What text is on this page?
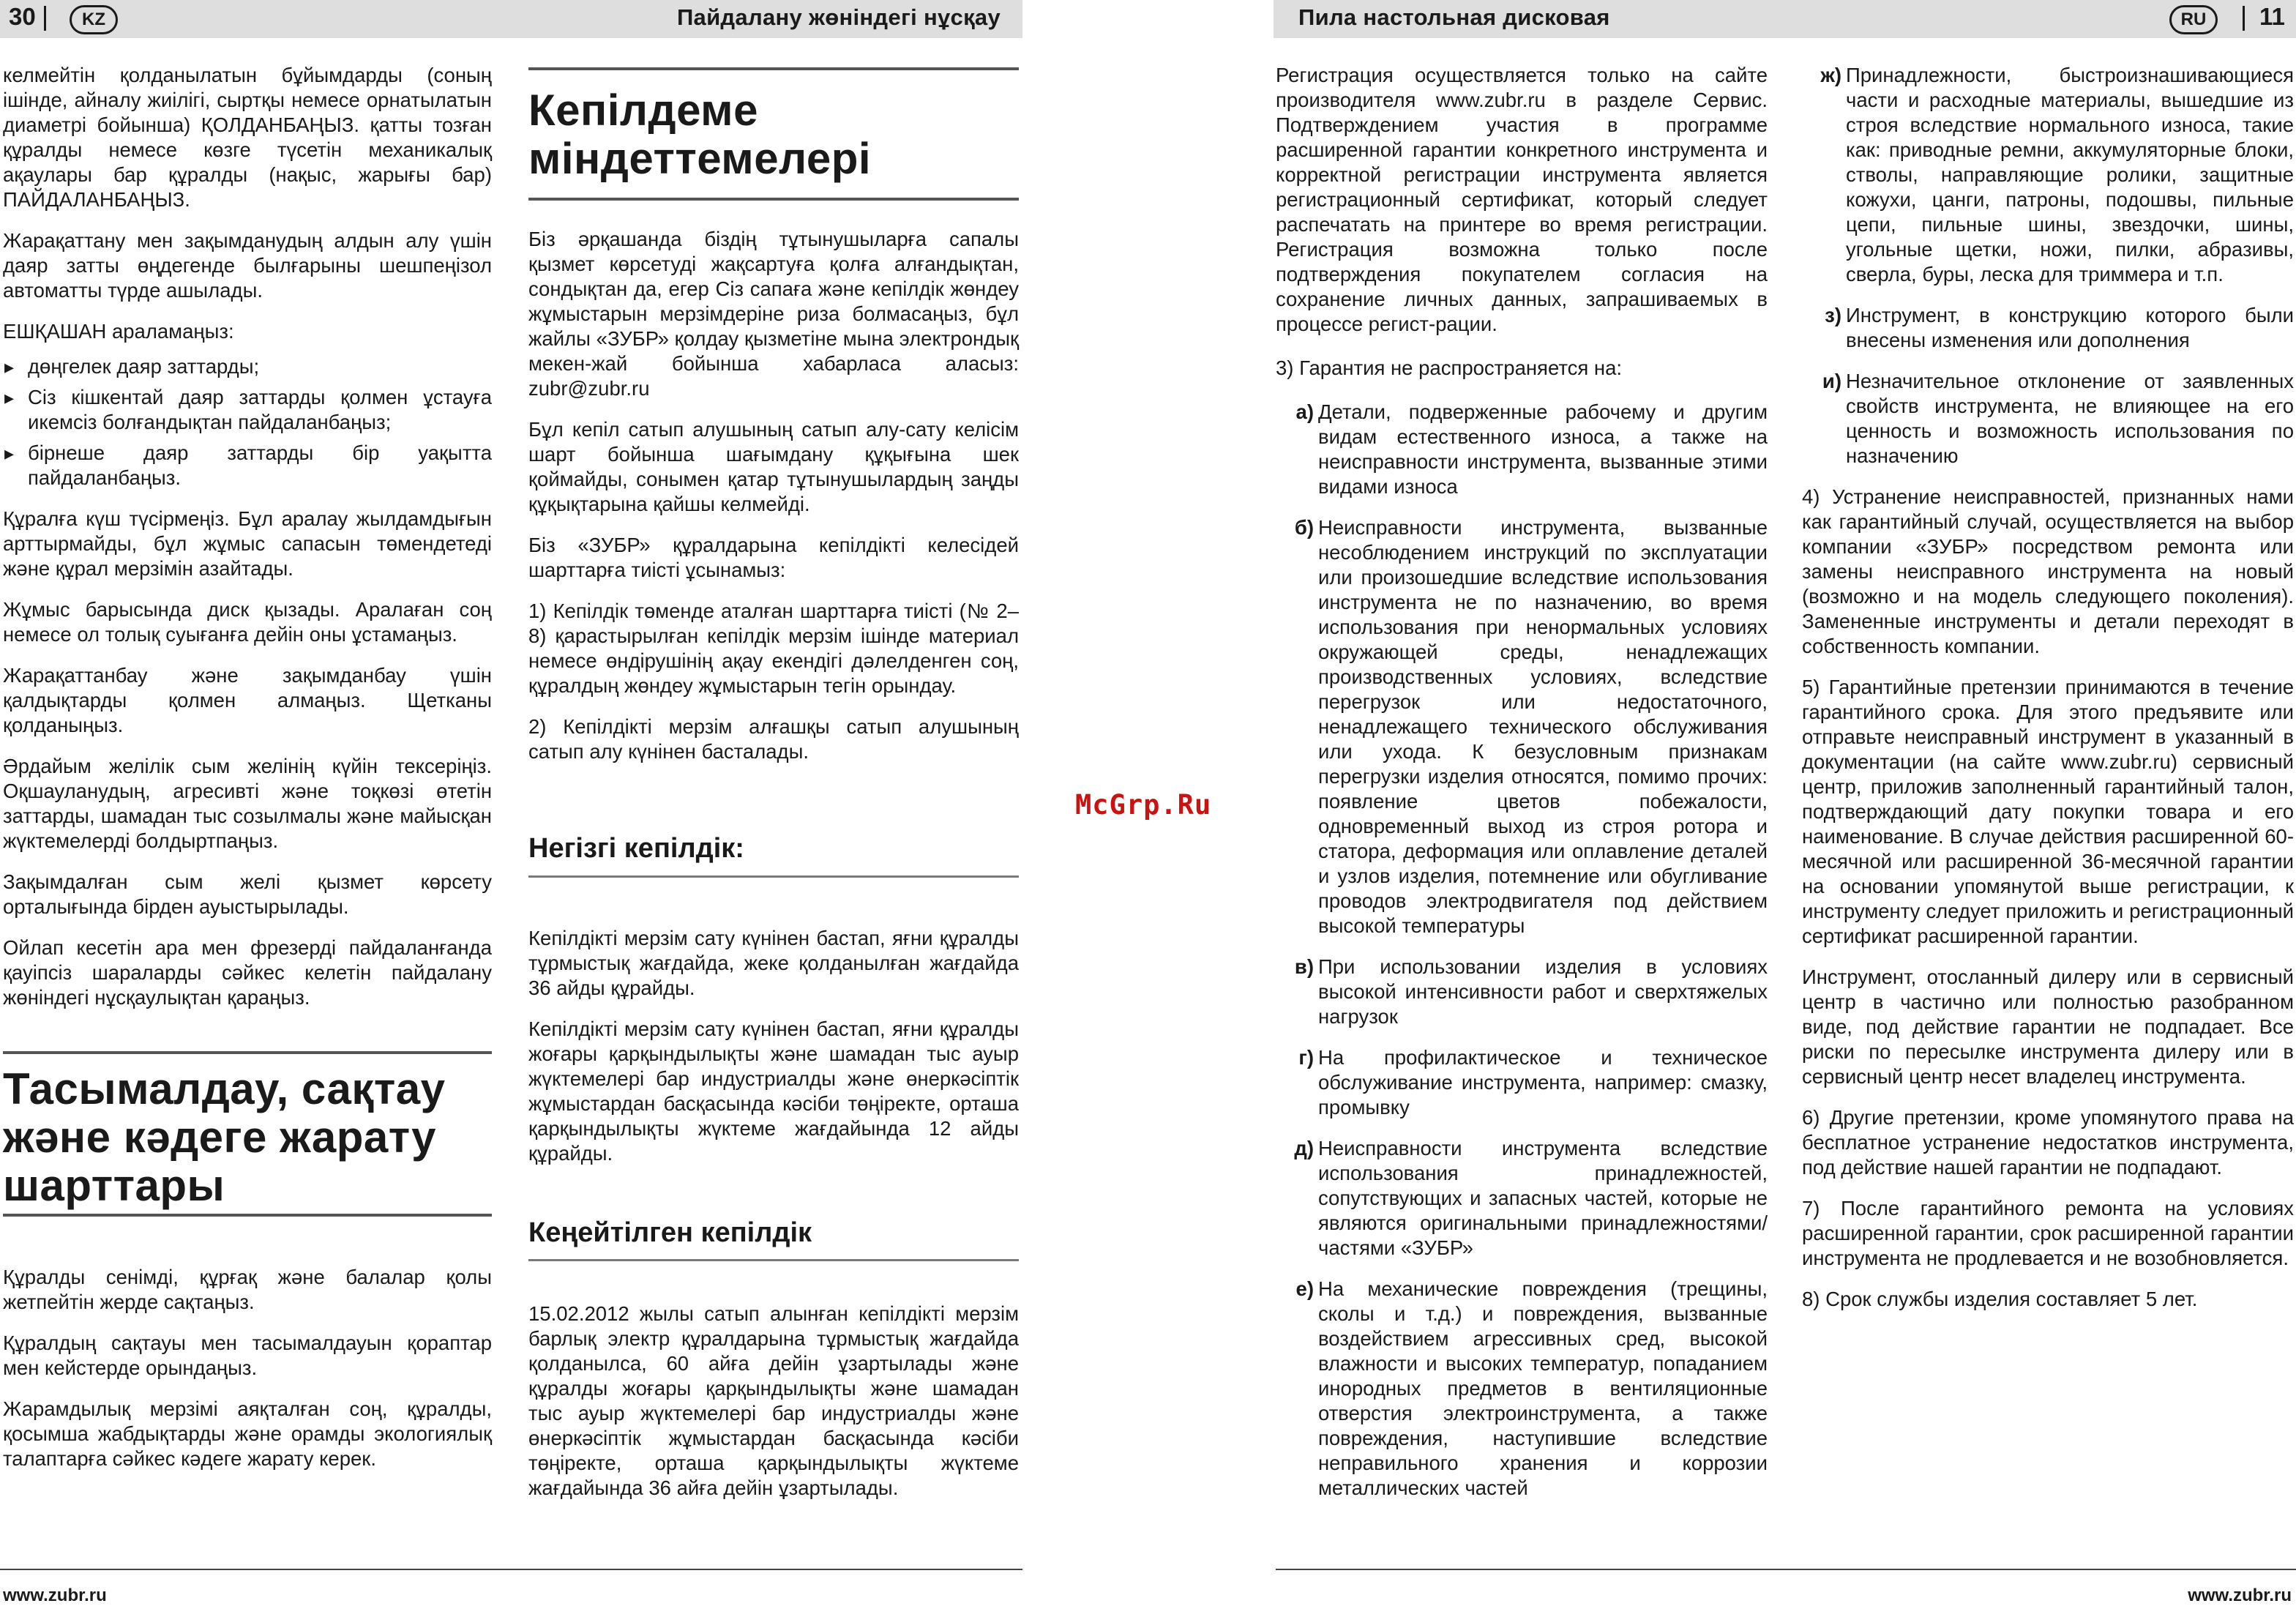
30	KZ	Пайдалану жөніндегі нұсқау

келмейтін қолданылатын бұйымдарды (соның ішінде, айналу жиілігі, сыртқы немесе орнатылатын диаметрі бойынша) ҚОЛДАНБАҢЫЗ. қатты тозған құралды немесе көзге түсетін механикалық ақаулары бар құралды (нақыс, жарығы бар) ПАЙДАЛАНБАҢЫЗ.

Жарақаттану мен зақымданудың алдын алу үшін даяр затты өңдегенде былғарыны шешпеңізол автоматты түрде ашылады.

ЕШҚАШАН араламаңыз:

▸ дөңгелек даяр заттарды;
▸ Сіз кішкентай даяр заттарды қолмен ұстауға икемсіз болғандықтан пайдаланбаңыз;
▸ бірнеше даяр заттарды бір уақытта пайдаланбаңыз.

Құралға күш түсірмеңіз. Бұл аралау жылдамдығын арттырмайды, бұл жұмыс сапасын төмендетеді және құрал мерзімін азайтады.

Жұмыс барысында диск қызады. Аралаған соң немесе ол толық суығанға дейін оны ұстамаңыз.

Жарақаттанбау және зақымданбау үшін қалдықтарды қолмен алмаңыз. Щетканы қолданыңыз.

Әрдайым желілік сым желінің күйін тексеріңіз. Оқшауланудың, агресивті және тоқкөзі өтетін заттарды, шамадан тыс созылмалы және майысқан жүктемелерді болдыртпаңыз.

Зақымдалған сым желі қызмет көрсету орталығында бірден ауыстырылады.

Ойлап кесетін ара мен фрезерді пайдаланғанда қауіпсіз шараларды сәйкес келетін пайдалану жөніндегі нұсқаулықтан қараңыз.

Тасымалдау, сақтау және кәдеге жарату шарттары

Құралды сенімді, құрғақ және балалар қолы жетпейтін жерде сақтаңыз.

Құралдың сақтауы мен тасымалдауын қораптар мен кейстерде орындаңыз.

Жарамдылық мерзімі аяқталған соң, құралды, қосымша жабдықтарды және орамды экологиялық талаптарға сәйкес кәдеге жарату керек.

Кепілдеме міндеттемелері

Біз әрқашанда біздің тұтынушыларға сапалы қызмет көрсетуді жақсартуға қолға алғандықтан, сондықтан да, егер Сіз сапаға және кепілдік жөндеу жұмыстарын мерзімдеріне риза болмасаңыз, бұл жайлы «ЗУБР» қолдау қызметіне мына электрондық мекен-жай бойынша хабарласа аласыз: zubr@zubr.ru

Бұл кепіл сатып алушының сатып алу-сату келісім шарт бойынша шағымдану құқығына шек қоймайды, сонымен қатар тұтынушылардың заңды құқықтарына қайшы келмейді.

Біз «ЗУБР» құралдарына кепілдікті келесідей шарттарға тиісті ұсынамыз:

1) Кепілдік төменде аталған шарттарға тиісті (№ 2–8) қарастырылған кепілдік мерзім ішінде материал немесе өндірушінің ақау екендігі дәлелденген соң, құралдың жөндеу жұмыстарын тегін орындау.

2) Кепілдікті мерзім алғашқы сатып алушының сатып алу күнінен басталады.

Негізгі кепілдік:

Кепілдікті мерзім сату күнінен бастап, яғни құралды тұрмыстық жағдайда, жеке қолданылған жағдайда 36 айды құрайды.

Кепілдікті мерзім сату күнінен бастап, яғни құралды жоғары қарқындылықты және шамадан тыс ауыр жүктемелері бар индустриалды және өнеркәсіптік жұмыстардан басқасында кәсіби төңіректе, орташа қарқындылықты жүктеме жағдайында 12 айды құрайды.

Кеңейтілген кепілдік

15.02.2012 жылы сатып алынған кепілдікті мерзім барлық электр құралдарына тұрмыстық жағдайда қолданылса, 60 айға дейін ұзартылады және құралды жоғары қарқындылықты және шамадан тыс ауыр жүктемелері бар индустриалды және өнеркәсіптік жұмыстардан басқасында кәсіби төңіректе, орташа қарқындылықты жүктеме жағдайында 36 айға дейін ұзартылады.

www.zubr.ru
McGrp.Ru
Пила настольная дисковая	RU	11

Регистрация осуществляется только на сайте производителя www.zubr.ru в разделе Сервис. Подтверждением участия в программе расширенной гарантии конкретного инструмента и корректной регистрации инструмента является регистрационный сертификат, который следует распечатать на принтере во время регистрации. Регистрация возможна только после подтверждения покупателем согласия на сохранение личных данных, запрашиваемых в процессе регист-рации.

3) Гарантия не распространяется на:

а) Детали, подверженные рабочему и другим видам естественного износа, а также на неисправности инструмента, вызванные этими видами износа
б) Неисправности инструмента, вызванные несоблюдением инструкций по эксплуатации или произошедшие вследствие использования инструмента не по назначению, во время использования при ненормальных условиях окружающей среды, ненадлежащих производственных условиях, вследствие перегрузок или недостаточного, ненадлежащего технического обслуживания или ухода. К безусловным признакам перегрузки изделия относятся, помимо прочих: появление цветов побежалости, одновременный выход из строя ротора и статора, деформация или оплавление деталей и узлов изделия, потемнение или обугливание проводов электродвигателя под действием высокой температуры
в) При использовании изделия в условиях высокой интенсивности работ и сверхтяжелых нагрузок
г) На профилактическое и техническое обслуживание инструмента, например: смазку, промывку
д) Неисправности инструмента вследствие использования принадлежностей, сопутствующих и запасных частей, которые не являются оригинальными принадлежностями/частями «ЗУБР»
е) На механические повреждения (трещины, сколы и т.д.) и повреждения, вызванные воздействием агрессивных сред, высокой влажности и высоких температур, попаданием инородных предметов в вентиляционные отверстия электроинструмента, а также повреждения, наступившие вследствие неправильного хранения и коррозии металлических частей
ж) Принадлежности, быстроизнашивающиеся части и расходные материалы, вышедшие из строя вследствие нормального износа, такие как: приводные ремни, аккумуляторные блоки, стволы, направляющие ролики, защитные кожухи, цанги, патроны, подошвы, пильные цепи, пильные шины, звездочки, шины, угольные щетки, ножи, пилки, абразивы, сверла, буры, леска для триммера и т.п.
з) Инструмент, в конструкцию которого были внесены изменения или дополнения
и) Незначительное отклонение от заявленных свойств инструмента, не влияющее на его ценность и возможность использования по назначению

4) Устранение неисправностей, признанных нами как гарантийный случай, осуществляется на выбор компании «ЗУБР» посредством ремонта или замены неисправного инструмента на новый (возможно и на модель следующего поколения). Замененные инструменты и детали переходят в собственность компании.

5) Гарантийные претензии принимаются в течение гарантийного срока. Для этого предъявите или отправьте неисправный инструмент в указанный в документации (на сайте www.zubr.ru) сервисный центр, приложив заполненный гарантийный талон, подтверждающий дату покупки товара и его наименование. В случае действия расширенной 60-месячной или расширенной 36-месячной гарантии на основании упомянутой выше регистрации, к инструменту следует приложить и регистрационный сертификат расширенной гарантии.

Инструмент, отосланный дилеру или в сервисный центр в частично или полностью разобранном виде, под действие гарантии не подпадает. Все риски по пересылке инструмента дилеру или в сервисный центр несет владелец инструмента.

6) Другие претензии, кроме упомянутого права на бесплатное устранение недостатков инструмента, под действие нашей гарантии не подпадают.

7) После гарантийного ремонта на условиях расширенной гарантии, срок расширенной гарантии инструмента не продлевается и не возобновляется.

8) Срок службы изделия составляет 5 лет.

www.zubr.ru
